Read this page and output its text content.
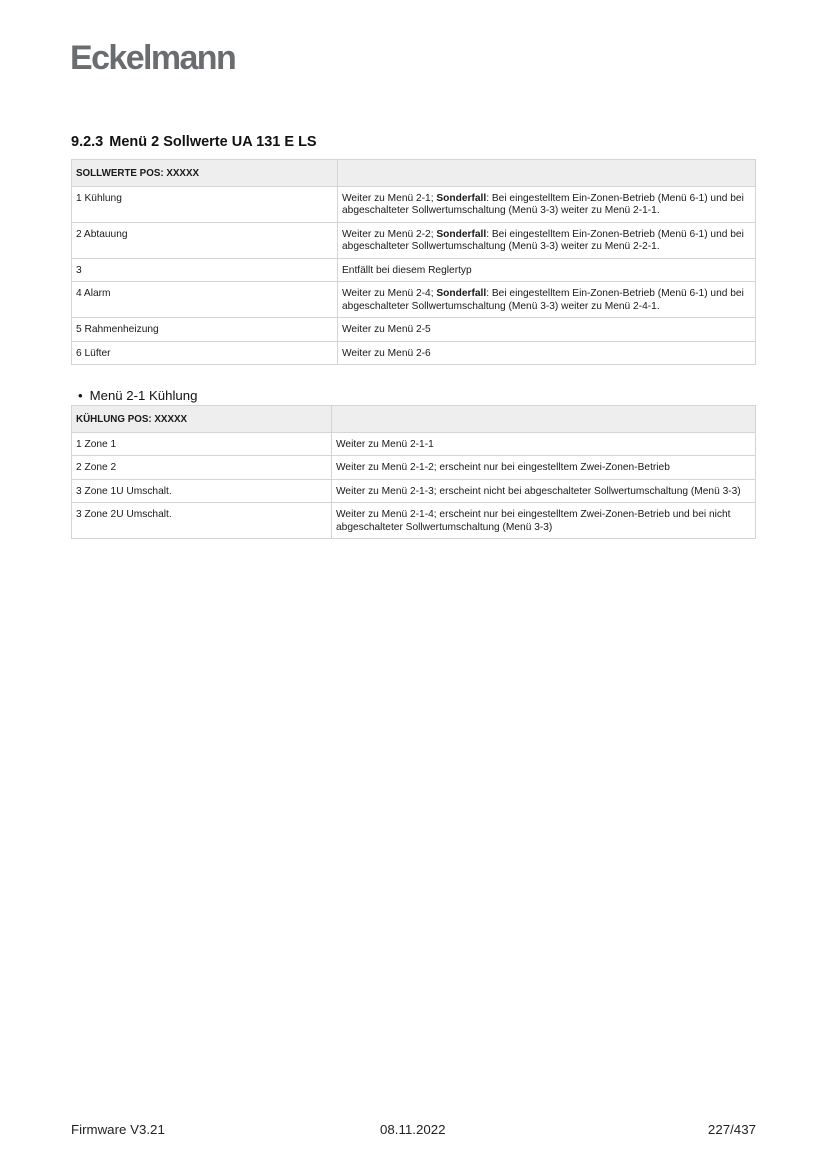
Eckelmann
9.2.3 Menü 2 Sollwerte UA 131 E LS
SOLLWERTE POS: XXXXX	
1 Kühlung	Weiter zu Menü 2-1; Sonderfall: Bei eingestelltem Ein-Zonen-Betrieb (Menü 6-1) und bei abgeschalteter Sollwertumschaltung (Menü 3-3) weiter zu Menü 2-1-1.
2 Abtauung	Weiter zu Menü 2-2; Sonderfall: Bei eingestelltem Ein-Zonen-Betrieb (Menü 6-1) und bei abgeschalteter Sollwertumschaltung (Menü 3-3) weiter zu Menü 2-2-1.
3	Entfällt bei diesem Reglertyp
4 Alarm	Weiter zu Menü 2-4; Sonderfall: Bei eingestelltem Ein-Zonen-Betrieb (Menü 6-1) und bei abgeschalteter Sollwertumschaltung (Menü 3-3) weiter zu Menü 2-4-1.
5 Rahmenheizung	Weiter zu Menü 2-5
6 Lüfter	Weiter zu Menü 2-6
• Menü 2-1 Kühlung
KÜHLUNG POS: XXXXX	
1 Zone 1	Weiter zu Menü 2-1-1
2 Zone 2	Weiter zu Menü 2-1-2; erscheint nur bei eingestelltem Zwei-Zonen-Betrieb
3 Zone 1U Umschalt.	Weiter zu Menü 2-1-3; erscheint nicht bei abgeschalteter Sollwertumschaltung (Menü 3-3)
3 Zone 2U Umschalt.	Weiter zu Menü 2-1-4; erscheint nur bei eingestelltem Zwei-Zonen-Betrieb und bei nicht abgeschalteter Sollwertumschaltung (Menü 3-3)
Firmware V3.21	08.11.2022	227/437
